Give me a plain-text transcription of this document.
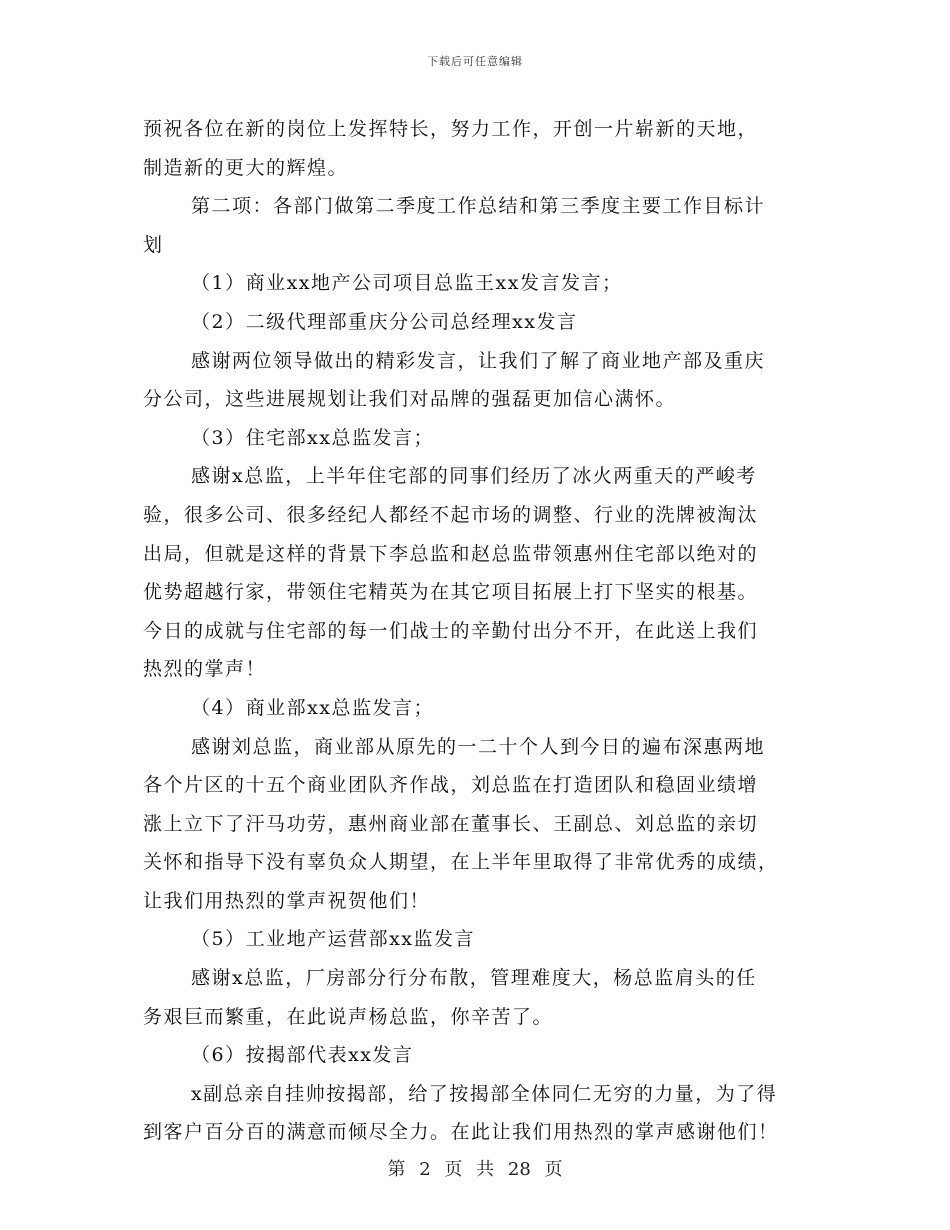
下载后可任意编辑
预祝各位在新的岗位上发挥特长，努力工作，开创一片崭新的天地，
制造新的更大的辉煌。
第二项：各部门做第二季度工作总结和第三季度主要工作目标计
划
（1）商业xx地产公司项目总监王xx发言发言；
（2）二级代理部重庆分公司总经理xx发言
感谢两位领导做出的精彩发言，让我们了解了商业地产部及重庆
分公司，这些进展规划让我们对品牌的强磊更加信心满怀。
（3）住宅部xx总监发言；
感谢x总监，上半年住宅部的同事们经历了冰火两重天的严峻考
验，很多公司、很多经纪人都经不起市场的调整、行业的洗牌被淘汰
出局，但就是这样的背景下李总监和赵总监带领惠州住宅部以绝对的
优势超越行家，带领住宅精英为在其它项目拓展上打下坚实的根基。
今日的成就与住宅部的每一们战士的辛勤付出分不开，在此送上我们
热烈的掌声！
（4）商业部xx总监发言；
感谢刘总监，商业部从原先的一二十个人到今日的遍布深惠两地
各个片区的十五个商业团队齐作战，刘总监在打造团队和稳固业绩增
涨上立下了汗马功劳，惠州商业部在董事长、王副总、刘总监的亲切
关怀和指导下没有辜负众人期望，在上半年里取得了非常优秀的成绩，
让我们用热烈的掌声祝贺他们！
（5）工业地产运营部xx监发言
感谢x总监，厂房部分行分布散，管理难度大，杨总监肩头的任
务艰巨而繁重，在此说声杨总监，你辛苦了。
（6）按揭部代表xx发言
x副总亲自挂帅按揭部，给了按揭部全体同仁无穷的力量，为了得
到客户百分百的满意而倾尽全力。在此让我们用热烈的掌声感谢他们！
第 2 页 共 28 页
